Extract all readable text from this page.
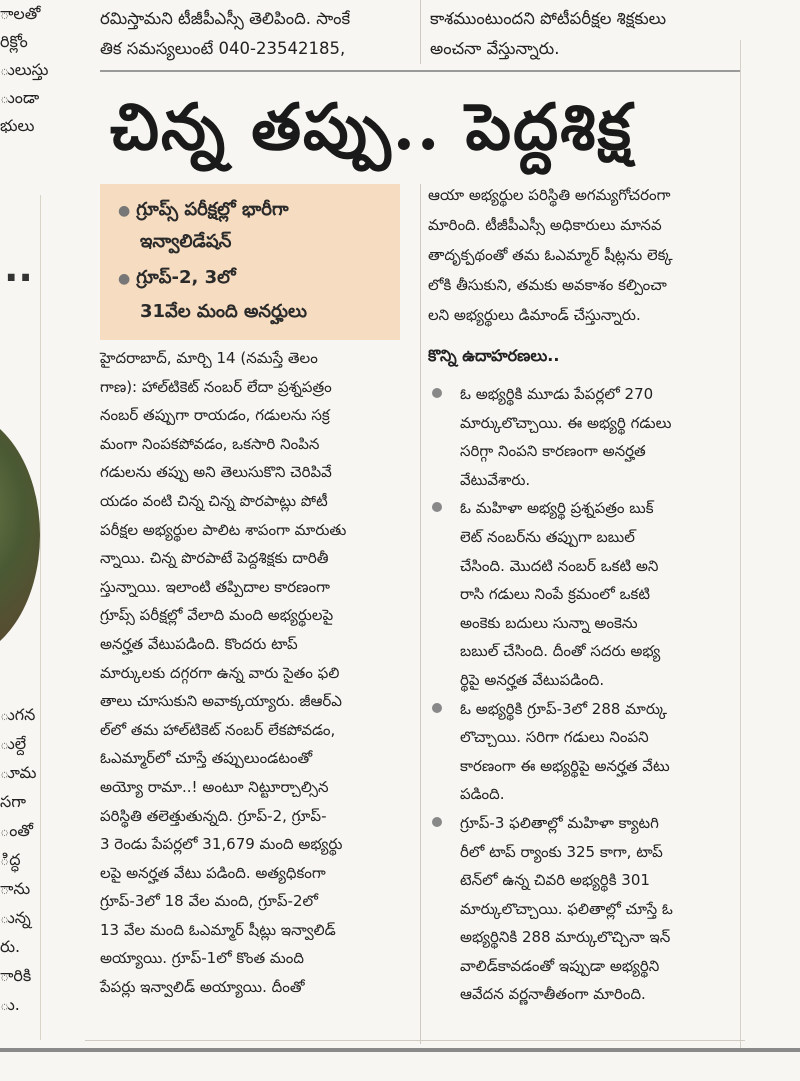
ాలతో
రిక్లోం
ులుస్తు
ుండా
భులు
..
ుగన
ుల్దే
ూమ
సగా
ంతో
ిద్ధ
ాను
ున్న
రు.
ారికి
ు.
రమిస్తామని టీజీపీఎస్సీ తెలిపింది. సాంకే
తిక సమస్యలుంటే 040-23542185,
కాశముంటుందని పోటీపరీక్షల శిక్షకులు
అంచనా వేస్తున్నారు.
చిన్న తప్పు.. పెద్దశిక్ష
● గ్రూప్స్ పరీక్షల్లో భారీగా
ఇన్వాలిడేషన్
● గ్రూప్-2, 3లో
31వేల మంది అనర్హులు
హైదరాబాద్, మార్చి 14 (నమస్తే తెలం
గాణ): హాల్‌టికెట్ నంబర్ లేదా ప్రశ్నపత్రం
నంబర్ తప్పుగా రాయడం, గడులను సక్ర
మంగా నింపకపోవడం, ఒకసారి నింపిన
గడులను తప్పు అని తెలుసుకొని చెరిపివే
యడం వంటి చిన్న చిన్న పొరపాట్లు పోటీ
పరీక్షల అభ్యర్థుల పాలిట శాపంగా మారుతు
న్నాయి. చిన్న పొరపాటే పెద్దశిక్షకు దారితీ
స్తున్నాయి. ఇలాంటి తప్పిదాల కారణంగా
గ్రూప్స్ పరీక్షల్లో వేలాది మంది అభ్యర్థులపై
అనర్హత వేటుపడింది. కొందరు టాప్
మార్కులకు దగ్గరగా ఉన్న వారు సైతం ఫలి
తాలు చూసుకుని అవాక్కయ్యారు. జీఆర్ఎ
ల్‌లో తమ హాల్‌టికెట్ నంబర్ లేకపోవడం,
ఓఎమ్మార్‌లో చూస్తే తప్పులుండటంతో
అయ్యో రామా..! అంటూ నిట్టూర్చాల్సిన
పరిస్థితి తలెత్తుతున్నది. గ్రూప్-2, గ్రూప్-
3 రెండు పేపర్లలో 31,679 మంది అభ్యర్థు
లపై అనర్హత వేటు పడింది. అత్యధికంగా
గ్రూప్-3లో 18 వేల మంది, గ్రూప్-2లో
13 వేల మంది ఓఎమ్మార్ షీట్లు ఇన్వాలిడ్
అయ్యాయి. గ్రూప్-1లో కొంత మంది
పేపర్లు ఇన్వాలిడ్ అయ్యాయి. దీంతో
ఆయా అభ్యర్థుల పరిస్థితి అగమ్యగోచరంగా
మారింది. టీజీపీఎస్సీ అధికారులు మానవ
తాదృక్పథంతో తమ ఓఎమ్మార్ షీట్లను లెక్క
లోకి తీసుకుని, తమకు అవకాశం కల్పించా
లని అభ్యర్థులు డిమాండ్ చేస్తున్నారు.
కొన్ని ఉదాహరణలు..
ఓ అభ్యర్థికి మూడు పేపర్లలో 270
మార్కులొచ్చాయి. ఈ అభ్యర్థి గడులు
సరిగ్గా నింపని కారణంగా అనర్హత
వేటువేశారు.
ఓ మహిళా అభ్యర్థి ప్రశ్నపత్రం బుక్
లెట్ నంబర్‌ను తప్పుగా బబుల్
చేసింది. మొదటి నంబర్ ఒకటి అని
రాసి గడులు నింపే క్రమంలో ఒకటి
అంకెకు బదులు సున్నా అంకెను
బబుల్ చేసింది. దీంతో సదరు అభ్య
ర్థిపై అనర్హత వేటుపడింది.
ఓ అభ్యర్థికి గ్రూప్-3లో 288 మార్కు
లొచ్చాయి. సరిగా గడులు నింపని
కారణంగా ఈ అభ్యర్థిపై అనర్హత వేటు
పడింది.
గ్రూప్-3 ఫలితాల్లో మహిళా క్యాటగి
రీలో టాప్ ర్యాంకు 325 కాగా, టాప్
టెన్‌లో ఉన్న చివరి అభ్యర్థికి 301
మార్కులొచ్చాయి. ఫలితాల్లో చూస్తే ఓ
అభ్యర్థినికి 288 మార్కులొచ్చినా ఇన్
వాలిడ్‌కావడంతో ఇప్పుడా అభ్యర్థిని
ఆవేదన వర్ణనాతీతంగా మారింది.
